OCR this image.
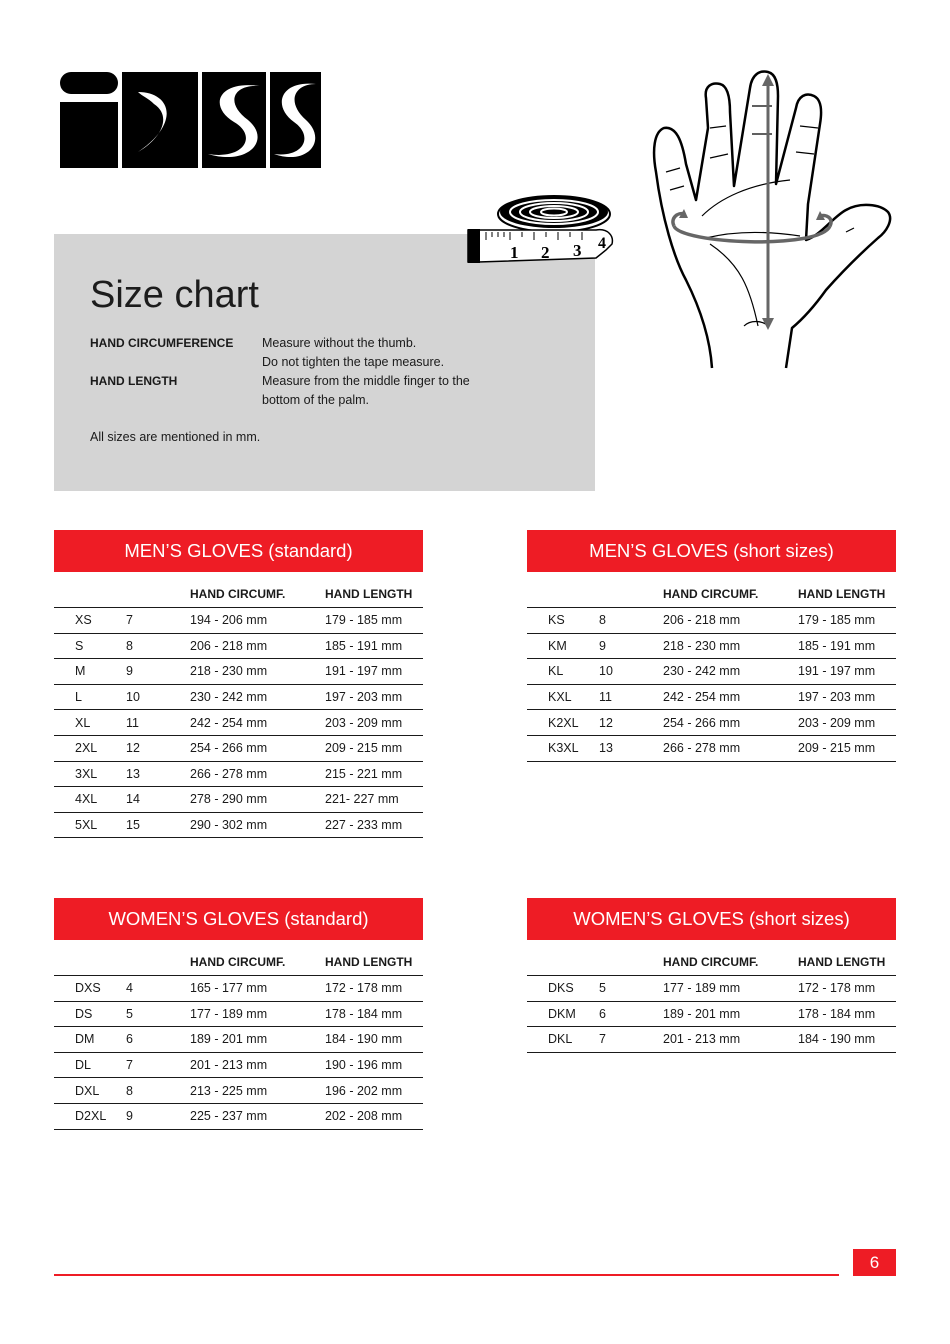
Size chart
HAND CIRCUMFERENCE	Measure without the thumb.
Do not tighten the tape measure.
HAND LENGTH	Measure from the middle finger to the
bottom of the palm.
All sizes are mentioned in mm.
1 2 3 4
MEN’S GLOVES (standard)
HAND CIRCUMF.	HAND LENGTH
XS	7	194 - 206 mm	179 - 185 mm
S	8	206 - 218 mm	185 - 191 mm
M	9	218 - 230 mm	191 - 197 mm
L	10	230 - 242 mm	197 - 203 mm
XL	11	242 - 254 mm	203 - 209 mm
2XL	12	254 - 266 mm	209 - 215 mm
3XL	13	266 - 278 mm	215 - 221 mm
4XL	14	278 - 290 mm	221- 227 mm
5XL	15	290 - 302 mm	227 - 233 mm
MEN’S GLOVES (short sizes)
HAND CIRCUMF.	HAND LENGTH
KS	8	206 - 218 mm	179 - 185 mm
KM	9	218 - 230 mm	185 - 191 mm
KL	10	230 - 242 mm	191 - 197 mm
KXL	11	242 - 254 mm	197 - 203 mm
K2XL	12	254 - 266 mm	203 - 209 mm
K3XL	13	266 - 278 mm	209 - 215 mm
WOMEN’S GLOVES (standard)
HAND CIRCUMF.	HAND LENGTH
DXS	4	165 - 177 mm	172 - 178 mm
DS	5	177 - 189 mm	178 - 184 mm
DM	6	189 - 201 mm	184 - 190 mm
DL	7	201 - 213 mm	190 - 196 mm
DXL	8	213 - 225 mm	196 - 202 mm
D2XL	9	225 - 237 mm	202 - 208 mm
WOMEN’S GLOVES (short sizes)
HAND CIRCUMF.	HAND LENGTH
DKS	5	177 - 189 mm	172 - 178 mm
DKM	6	189 - 201 mm	178 - 184 mm
DKL	7	201 - 213 mm	184 - 190 mm
6
